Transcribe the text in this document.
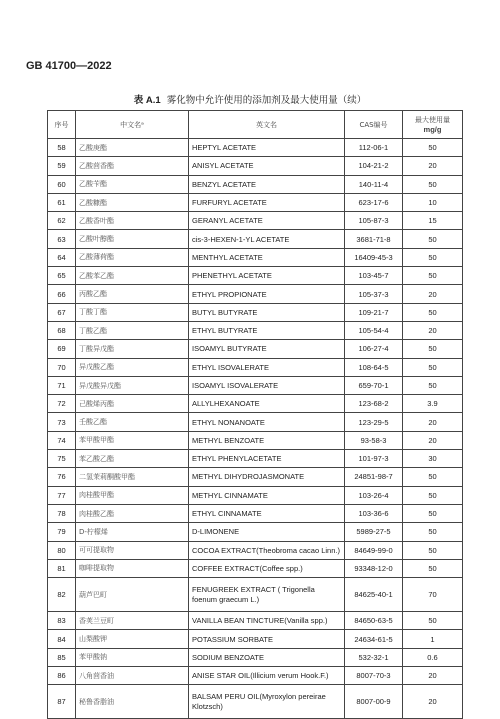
GB 41700—2022
表 A.1 雾化物中允许使用的添加剂及最大使用量（续）
序号	中文名ᵃ	英文名	CAS编号	最大使用量
mg/g

58	乙酸庚酯	HEPTYL ACETATE	112-06-1	50
59	乙酸茴香酯	ANISYL ACETATE	104-21-2	20
60	乙酸苄酯	BENZYL ACETATE	140-11-4	50
61	乙酸糠酯	FURFURYL ACETATE	623-17-6	10
62	乙酸香叶酯	GERANYL ACETATE	105-87-3	15
63	乙酸叶醇酯	cis-3-HEXEN-1-YL ACETATE	3681-71-8	50
64	乙酸薄荷酯	MENTHYL ACETATE	16409-45-3	50
65	乙酸苯乙酯	PHENETHYL ACETATE	103-45-7	50
66	丙酸乙酯	ETHYL PROPIONATE	105-37-3	20
67	丁酸丁酯	BUTYL BUTYRATE	109-21-7	50
68	丁酸乙酯	ETHYL BUTYRATE	105-54-4	20
69	丁酸异戊酯	ISOAMYL BUTYRATE	106-27-4	50
70	异戊酸乙酯	ETHYL ISOVALERATE	108-64-5	50
71	异戊酸异戊酯	ISOAMYL ISOVALERATE	659-70-1	50
72	己酸烯丙酯	ALLYLHEXANOATE	123-68-2	3.9
73	壬酸乙酯	ETHYL NONANOATE	123-29-5	20
74	苯甲酸甲酯	METHYL BENZOATE	93-58-3	20
75	苯乙酸乙酯	ETHYL PHENYLACETATE	101-97-3	30
76	二氢茉莉酮酸甲酯	METHYL DIHYDROJASMONATE	24851-98-7	50
77	肉桂酸甲酯	METHYL CINNAMATE	103-26-4	50
78	肉桂酸乙酯	ETHYL CINNAMATE	103-36-6	50
79	D-柠檬烯	D-LIMONENE	5989-27-5	50
80	可可提取物	COCOA EXTRACT(Theobroma cacao Linn.)	84649-99-0	50
81	咖啡提取物	COFFEE EXTRACT(Coffee spp.)	93348-12-0	50
82	葫芦巴町	FENUGREEK EXTRACT ( Trigonella foenum graecum L.)	84625-40-1	70
83	香荚兰豆町	VANILLA BEAN TINCTURE(Vanilla spp.)	84650-63-5	50
84	山梨酸钾	POTASSIUM SORBATE	24634-61-5	1
85	苯甲酸钠	SODIUM BENZOATE	532-32-1	0.6
86	八角茴香油	ANISE STAR OIL(Illicium verum Hook.F.)	8007-70-3	20
87	秘鲁香脂油	BALSAM PERU OIL(Myroxylon pereirae Klotzsch)	8007-00-9	20
